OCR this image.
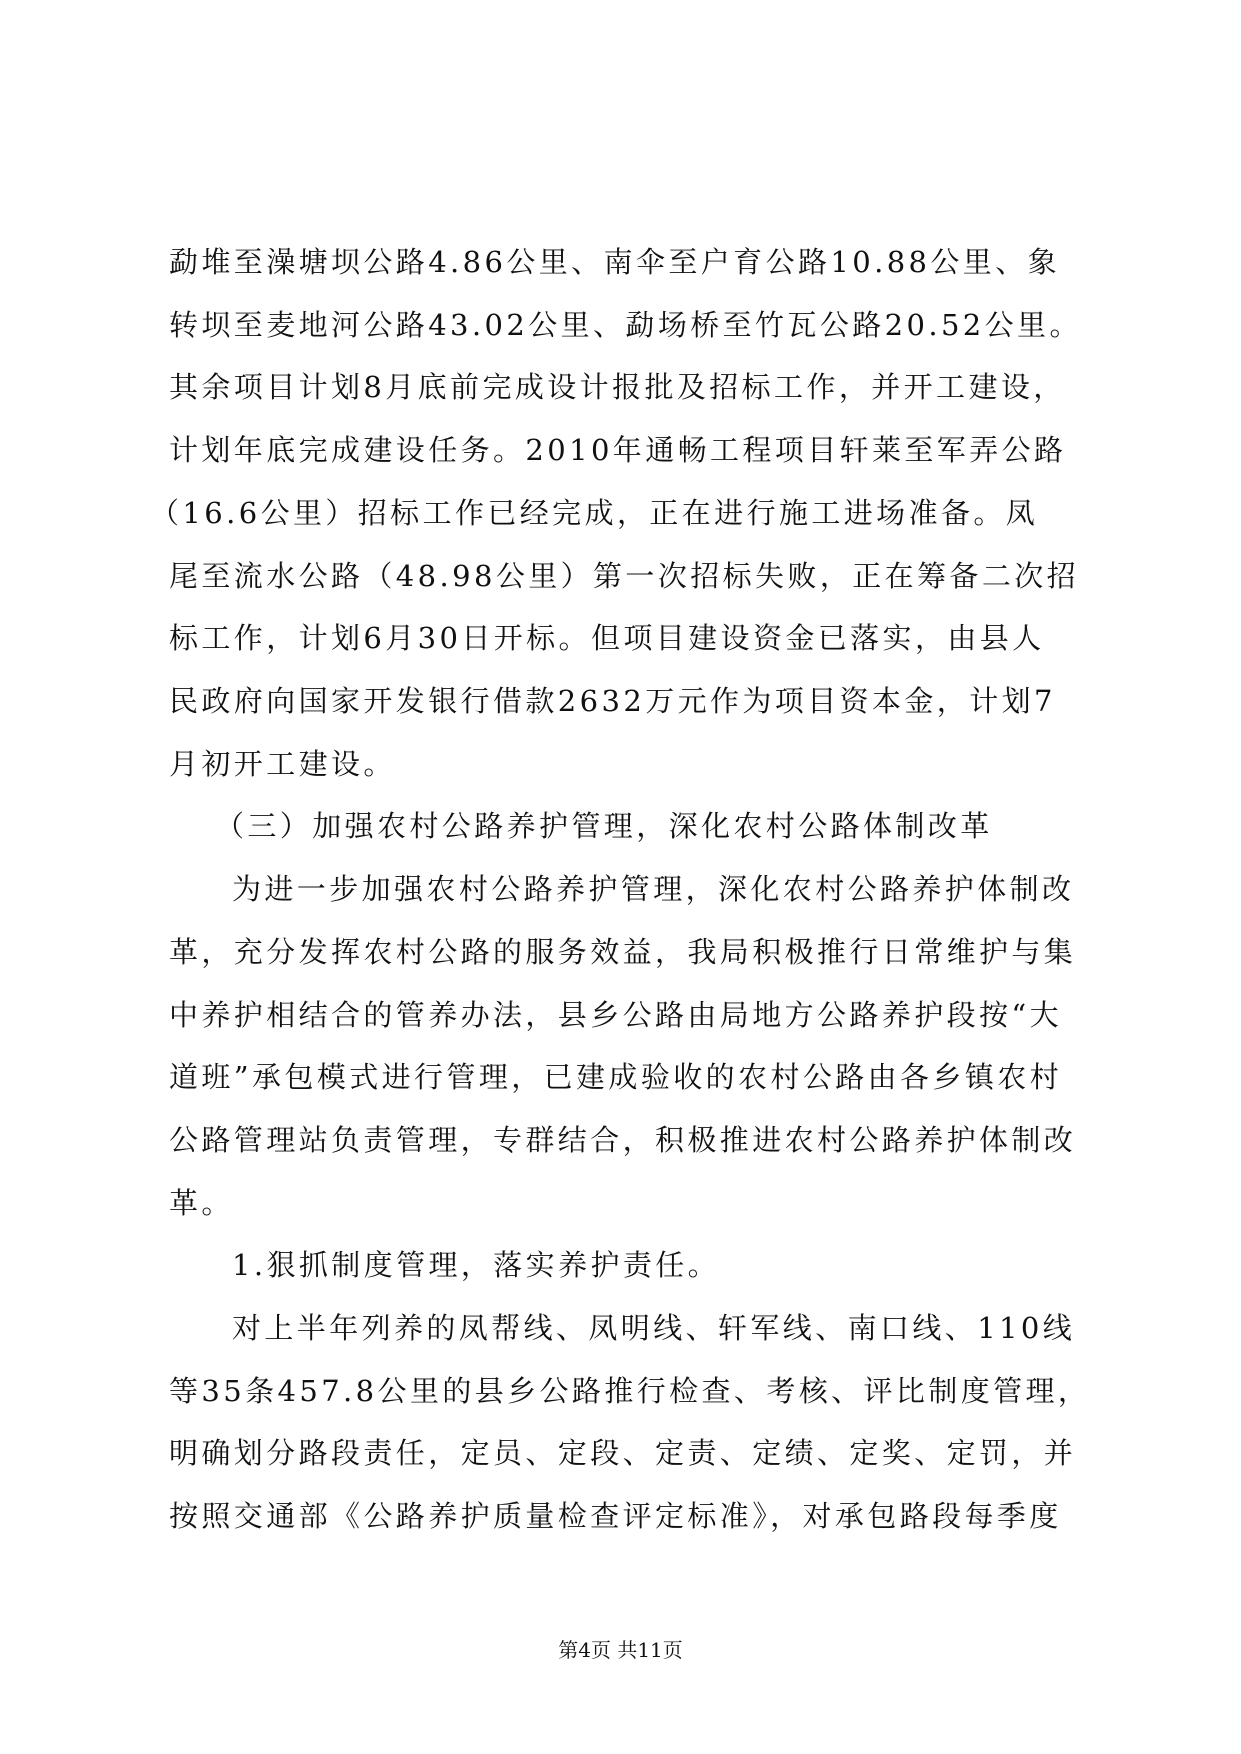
勐堆至澡塘坝公路4.86公里、南伞至户育公路10.88公里、象
转坝至麦地河公路43.02公里、勐场桥至竹瓦公路20.52公里。
其余项目计划8月底前完成设计报批及招标工作，并开工建设，
计划年底完成建设任务。2010年通畅工程项目轩莱至军弄公路
（16.6公里）招标工作已经完成，正在进行施工进场准备。凤
尾至流水公路（48.98公里）第一次招标失败，正在筹备二次招
标工作，计划6月30日开标。但项目建设资金已落实，由县人
民政府向国家开发银行借款2632万元作为项目资本金，计划7
月初开工建设。
（三）加强农村公路养护管理，深化农村公路体制改革
为进一步加强农村公路养护管理，深化农村公路养护体制改
革，充分发挥农村公路的服务效益，我局积极推行日常维护与集
中养护相结合的管养办法，县乡公路由局地方公路养护段按“大
道班”承包模式进行管理，已建成验收的农村公路由各乡镇农村
公路管理站负责管理，专群结合，积极推进农村公路养护体制改
革。
1.狠抓制度管理，落实养护责任。
对上半年列养的凤帮线、凤明线、轩军线、南口线、110线
等35条457.8公里的县乡公路推行检查、考核、评比制度管理，
明确划分路段责任，定员、定段、定责、定绩、定奖、定罚，并
按照交通部《公路养护质量检查评定标准》，对承包路段每季度
第4页 共11页
